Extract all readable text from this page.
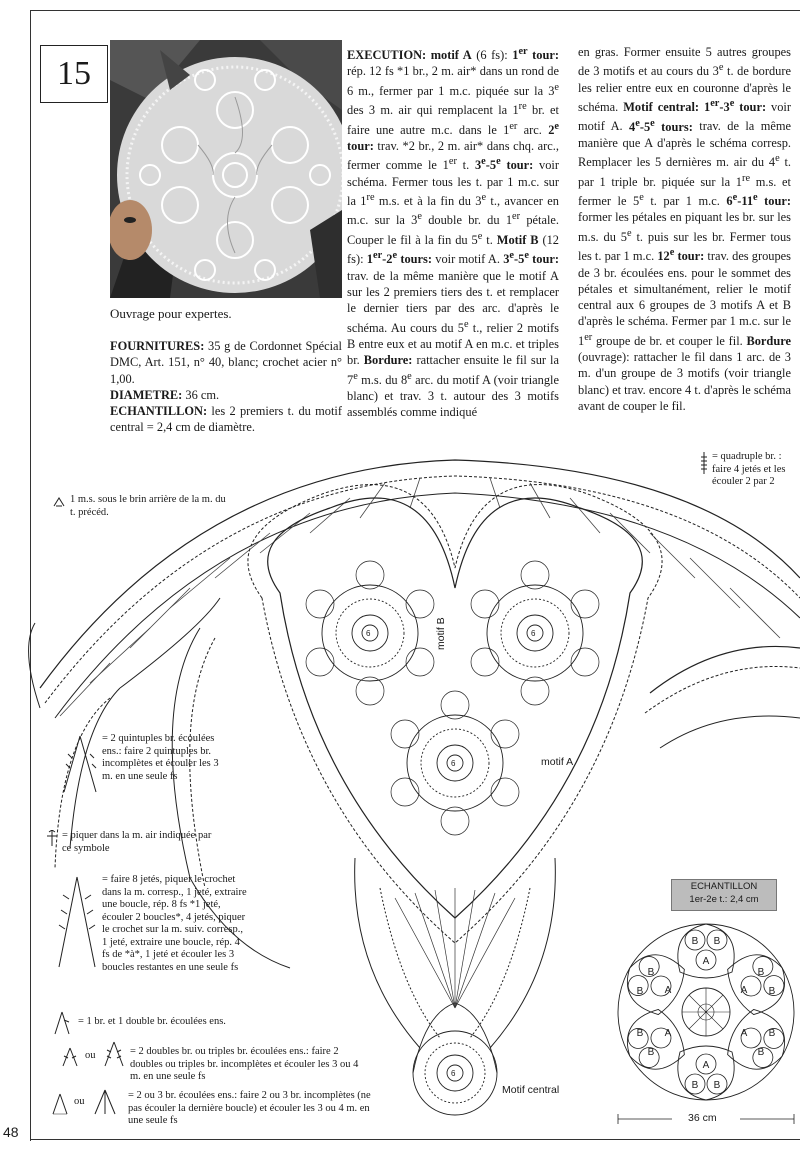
15
Ouvrage pour expertes.

FOURNITURES: 35 g de Cordonnet Spécial DMC, Art. 151, n° 40, blanc; crochet acier n° 1,00.

DIAMETRE: 36 cm.

ECHANTILLON: les 2 premiers t. du motif central = 2,4 cm de diamètre.

EXECUTION: motif A (6 fs): 1er tour: rép. 12 fs *1 br., 2 m. air* dans un rond de 6 m., fermer par 1 m.c. piquée sur la 3e des 3 m. air qui remplacent la 1re br. et faire une autre m.c. dans le 1er arc. 2e tour: trav. *2 br., 2 m. air* dans chq. arc., fermer comme le 1er t. 3e-5e tour: voir schéma. Fermer tous les t. par 1 m.c. sur la 1re m.s. et à la fin du 3e t., avancer en m.c. sur la 3e double br. du 1er pétale. Couper le fil à la fin du 5e t. Motif B (12 fs): 1er-2e tours: voir motif A. 3e-5e tour: trav. de la même manière que le motif A sur les 2 premiers tiers des t. et remplacer le dernier tiers par des arc. d'après le schéma. Au cours du 5e t., relier 2 motifs B entre eux et au motif A en m.c. et triples br. Bordure: rattacher ensuite le fil sur la 7e m.s. du 8e arc. du motif A (voir triangle blanc) et trav. 3 t. autour des 3 motifs assemblés comme indiqué
en gras. Former ensuite 5 autres groupes de 3 motifs et au cours du 3e t. de bordure les relier entre eux en couronne d'après le schéma. Motif central: 1er-3e tour: voir motif A. 4e-5e tours: trav. de la même manière que A d'après le schéma corresp. Remplacer les 5 dernières m. air du 4e t. par 1 triple br. piquée sur la 1re m.s. et fermer le 5e t. par 1 m.c. 6e-11e tour: former les pétales en piquant les br. sur les m.s. du 5e t. puis sur les br. Fermer tous les t. par 1 m.c. 12e tour: trav. des groupes de 3 br. écoulées ens. pour le sommet des pétales et simultanément, relier le motif central aux 6 groupes de 3 motifs A et B d'après le schéma. Fermer par 1 m.c. sur le 1er groupe de br. et couper le fil. Bordure (ouvrage): rattacher le fil dans 1 arc. de 3 m. d'un groupe de 3 motifs (voir triangle blanc) et trav. encore 4 t. d'après le schéma avant de couper le fil.
6	6
6
6
motif B
motif A
Motif central
1 m.s. sous le brin arrière de la m. du t. précéd.
= quadruple br. : faire 4 jetés et les écouler 2 par 2
= 2 quintuples br. écoulées ens.: faire 2 quintuples br. incomplètes et écouler les 3 m. en une seule fs
= piquer dans la m. air indiquée par ce symbole
= faire 8 jetés, piquer le crochet dans la m. corresp., 1 jeté, extraire une boucle, rép. 8 fs *1 jeté, écouler 2 boucles*, 4 jetés, piquer le crochet sur la m. suiv. corresp., 1 jeté, extraire une boucle, rép. 4 fs de *à*, 1 jeté et écouler les 3 boucles restantes en une seule fs
= 1 br. et 1 double br. écoulées ens.
ou	= 2 doubles br. ou triples br. écoulées ens.: faire 2 doubles ou triples br. incomplètes et écouler les 3 ou 4 m. en une seule fs
ou
= 2 ou 3 br. écoulées ens.: faire 2 ou 3 br. incomplètes (ne pas écouler la dernière boucle) et écouler les 3 ou 4 m. en une seule fs
ECHANTILLON
1er-2e t.: 2,4 cm
B B
A
B
B
A
B
B
A
B
B
A
B
B A
B
B
A
36 cm
48
